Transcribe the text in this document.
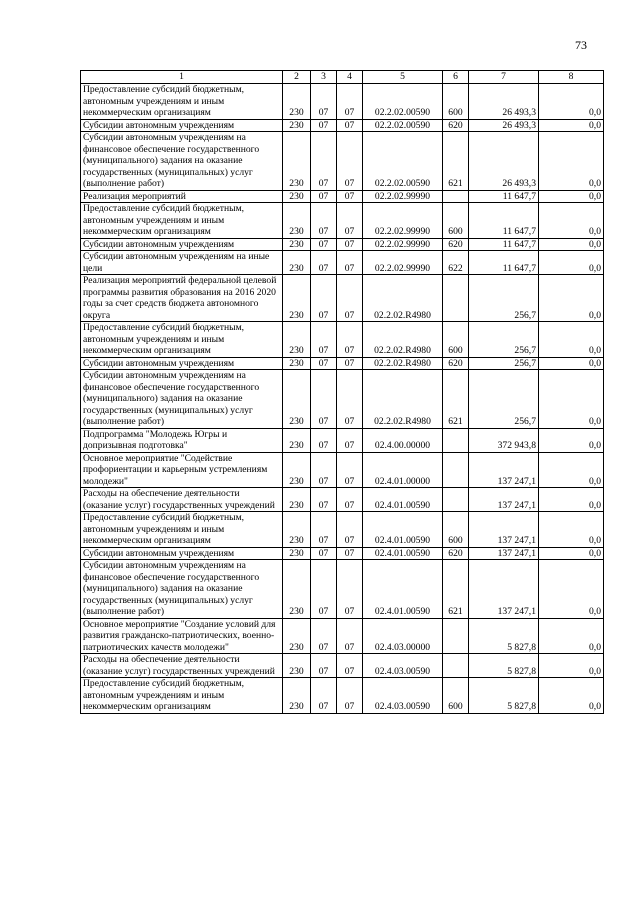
73
1	2	3	4	5	6	7	8
Предоставление субсидий бюджетным, автономным учреждениям и иным некоммерческим организациям	230	07	07	02.2.02.00590	600	26 493,3	0,0
Субсидии автономным учреждениям	230	07	07	02.2.02.00590	620	26 493,3	0,0
Субсидии автономным учреждениям на финансовое обеспечение государственного (муниципального) задания на оказание государственных (муниципальных) услуг (выполнение работ)	230	07	07	02.2.02.00590	621	26 493,3	0,0
Реализация мероприятий	230	07	07	02.2.02.99990		11 647,7	0,0
Предоставление субсидий бюджетным, автономным учреждениям и иным некоммерческим организациям	230	07	07	02.2.02.99990	600	11 647,7	0,0
Субсидии автономным учреждениям	230	07	07	02.2.02.99990	620	11 647,7	0,0
Субсидии автономным учреждениям на иные цели	230	07	07	02.2.02.99990	622	11 647,7	0,0
Реализация мероприятий федеральной целевой программы развития образования на 2016 2020 годы за счет средств бюджета автономного округа	230	07	07	02.2.02.R4980		256,7	0,0
Предоставление субсидий бюджетным, автономным учреждениям и иным некоммерческим организациям	230	07	07	02.2.02.R4980	600	256,7	0,0
Субсидии автономным учреждениям	230	07	07	02.2.02.R4980	620	256,7	0,0
Субсидии автономным учреждениям на финансовое обеспечение государственного (муниципального) задания на оказание государственных (муниципальных) услуг (выполнение работ)	230	07	07	02.2.02.R4980	621	256,7	0,0
Подпрограмма "Молодежь Югры и допризывная подготовка"	230	07	07	02.4.00.00000		372 943,8	0,0
Основное мероприятие "Содействие профориентации и карьерным устремлениям молодежи"	230	07	07	02.4.01.00000		137 247,1	0,0
Расходы на обеспечение деятельности (оказание услуг) государственных учреждений	230	07	07	02.4.01.00590		137 247,1	0,0
Предоставление субсидий бюджетным, автономным учреждениям и иным некоммерческим организациям	230	07	07	02.4.01.00590	600	137 247,1	0,0
Субсидии автономным учреждениям	230	07	07	02.4.01.00590	620	137 247,1	0,0
Субсидии автономным учреждениям на финансовое обеспечение государственного (муниципального) задания на оказание государственных (муниципальных) услуг (выполнение работ)	230	07	07	02.4.01.00590	621	137 247,1	0,0
Основное мероприятие "Создание условий для развития гражданско-патриотических, военно-патриотических качеств молодежи"	230	07	07	02.4.03.00000		5 827,8	0,0
Расходы на обеспечение деятельности (оказание услуг) государственных учреждений	230	07	07	02.4.03.00590		5 827,8	0,0
Предоставление субсидий бюджетным, автономным учреждениям и иным некоммерческим организациям	230	07	07	02.4.03.00590	600	5 827,8	0,0
